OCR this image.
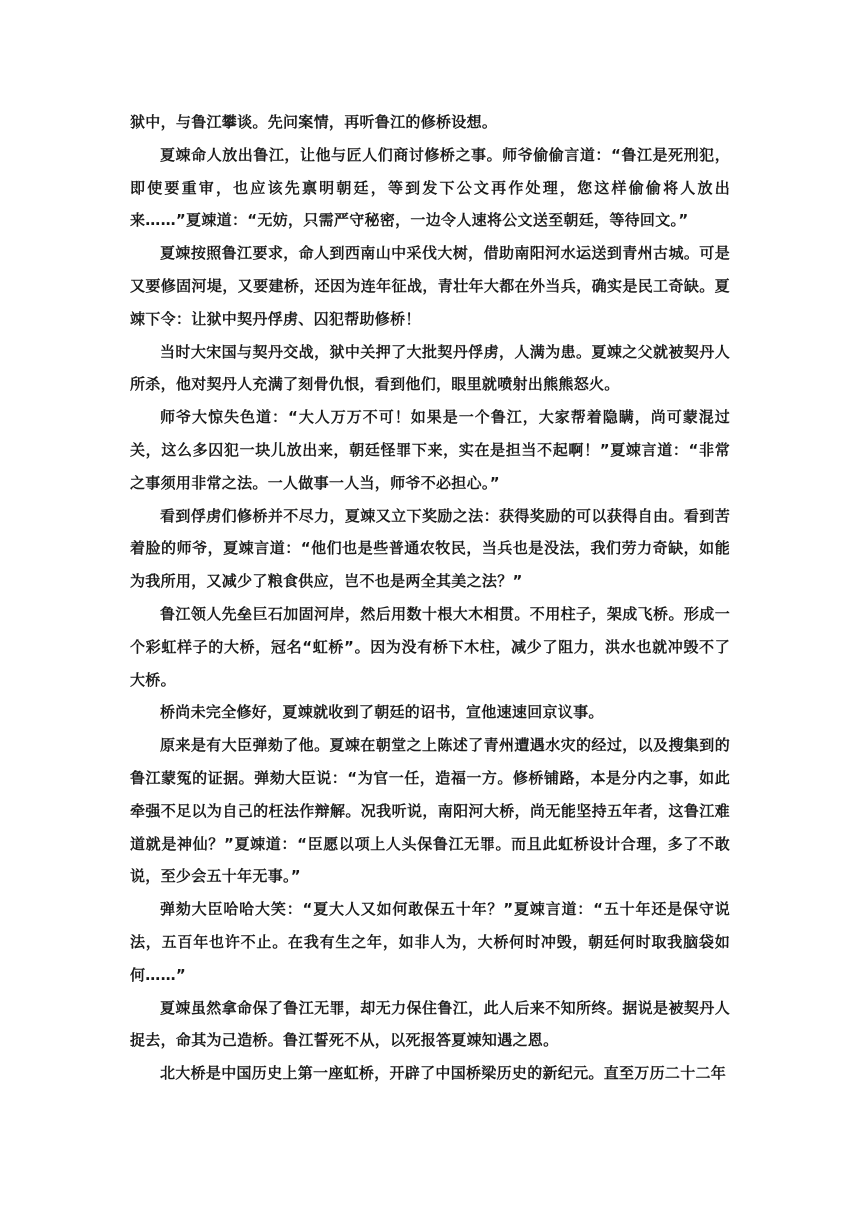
狱中，与鲁江攀谈。先问案情，再听鲁江的修桥设想。

夏竦命人放出鲁江，让他与匠人们商讨修桥之事。师爷偷偷言道：“鲁江是死刑犯，即使要重审，也应该先禀明朝廷，等到发下公文再作处理，您这样偷偷将人放出来……”夏竦道：“无妨，只需严守秘密，一边令人速将公文送至朝廷，等待回文。”

夏竦按照鲁江要求，命人到西南山中采伐大树，借助南阳河水运送到青州古城。可是又要修固河堤，又要建桥，还因为连年征战，青壮年大都在外当兵，确实是民工奇缺。夏竦下令：让狱中契丹俘虏、囚犯帮助修桥！

当时大宋国与契丹交战，狱中关押了大批契丹俘虏，人满为患。夏竦之父就被契丹人所杀，他对契丹人充满了刻骨仇恨，看到他们，眼里就喷射出熊熊怒火。

师爷大惊失色道：“大人万万不可！如果是一个鲁江，大家帮着隐瞒，尚可蒙混过关，这么多囚犯一块儿放出来，朝廷怪罪下来，实在是担当不起啊！”夏竦言道：“非常之事须用非常之法。一人做事一人当，师爷不必担心。”

看到俘虏们修桥并不尽力，夏竦又立下奖励之法：获得奖励的可以获得自由。看到苦着脸的师爷，夏竦言道：“他们也是些普通农牧民，当兵也是没法，我们劳力奇缺，如能为我所用，又减少了粮食供应，岂不也是两全其美之法？”

鲁江领人先垒巨石加固河岸，然后用数十根大木相贯。不用柱子，架成飞桥。形成一个彩虹样子的大桥，冠名“虹桥”。因为没有桥下木柱，减少了阻力，洪水也就冲毁不了大桥。

桥尚未完全修好，夏竦就收到了朝廷的诏书，宣他速速回京议事。

原来是有大臣弹劾了他。夏竦在朝堂之上陈述了青州遭遇水灾的经过，以及搜集到的鲁江蒙冤的证据。弹劾大臣说：“为官一任，造福一方。修桥铺路，本是分内之事，如此牵强不足以为自己的枉法作辩解。况我听说，南阳河大桥，尚无能坚持五年者，这鲁江难道就是神仙？”夏竦道：“臣愿以项上人头保鲁江无罪。而且此虹桥设计合理，多了不敢说，至少会五十年无事。”

弹劾大臣哈哈大笑：“夏大人又如何敢保五十年？”夏竦言道：“五十年还是保守说法，五百年也许不止。在我有生之年，如非人为，大桥何时冲毁，朝廷何时取我脑袋如何……”

夏竦虽然拿命保了鲁江无罪，却无力保住鲁江，此人后来不知所终。据说是被契丹人捉去，命其为己造桥。鲁江誓死不从，以死报答夏竦知遇之恩。

北大桥是中国历史上第一座虹桥，开辟了中国桥梁历史的新纪元。直至万历二十二年
